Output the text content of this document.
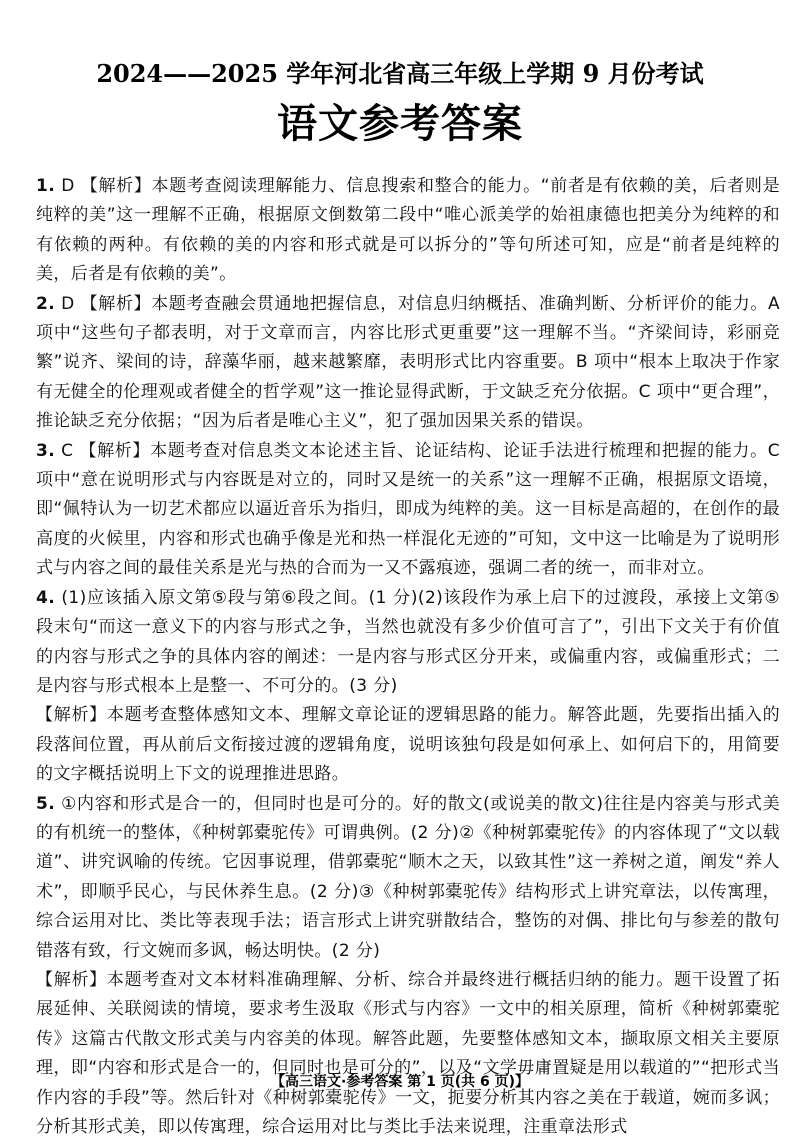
2024——2025 学年河北省高三年级上学期 9 月份考试
语文参考答案
1. D 【解析】本题考查阅读理解能力、信息搜索和整合的能力。“前者是有依赖的美，后者则是纯粹的美”这一理解不正确，根据原文倒数第二段中“唯心派美学的始祖康德也把美分为纯粹的和有依赖的两种。有依赖的美的内容和形式就是可以拆分的”等句所述可知，应是“前者是纯粹的美，后者是有依赖的美”。
2. D 【解析】本题考查融会贯通地把握信息，对信息归纳概括、准确判断、分析评价的能力。A 项中“这些句子都表明，对于文章而言，内容比形式更重要”这一理解不当。“齐梁间诗，彩丽竞繁”说齐、梁间的诗，辞藻华丽，越来越繁靡，表明形式比内容重要。B 项中“根本上取决于作家有无健全的伦理观或者健全的哲学观”这一推论显得武断，于文缺乏充分依据。C 项中“更合理”，推论缺乏充分依据；“因为后者是唯心主义”，犯了强加因果关系的错误。
3. C 【解析】本题考查对信息类文本论述主旨、论证结构、论证手法进行梳理和把握的能力。C 项中“意在说明形式与内容既是对立的，同时又是统一的关系”这一理解不正确，根据原文语境，即“佩特认为一切艺术都应以逼近音乐为指归，即成为纯粹的美。这一目标是高超的，在创作的最高度的火候里，内容和形式也确乎像是光和热一样混化无迹的”可知，文中这一比喻是为了说明形式与内容之间的最佳关系是光与热的合而为一又不露痕迹，强调二者的统一，而非对立。
4. (1)应该插入原文第⑤段与第⑥段之间。(1 分)(2)该段作为承上启下的过渡段，承接上文第⑤段末句“而这一意义下的内容与形式之争，当然也就没有多少价值可言了”，引出下文关于有价值的内容与形式之争的具体内容的阐述：一是内容与形式区分开来，或偏重内容，或偏重形式；二是内容与形式根本上是整一、不可分的。(3 分)
【解析】本题考查整体感知文本、理解文章论证的逻辑思路的能力。解答此题，先要指出插入的段落间位置，再从前后文衔接过渡的逻辑角度，说明该独句段是如何承上、如何启下的，用简要的文字概括说明上下文的说理推进思路。
5. ①内容和形式是合一的，但同时也是可分的。好的散文(或说美的散文)往往是内容美与形式美的有机统一的整体，《种树郭橐驼传》可谓典例。(2 分)②《种树郭橐驼传》的内容体现了“文以载道”、讲究讽喻的传统。它因事说理，借郭橐驼“顺木之天，以致其性”这一养树之道，阐发“养人术”，即顺乎民心，与民休养生息。(2 分)③《种树郭橐驼传》结构形式上讲究章法，以传寓理，综合运用对比、类比等表现手法；语言形式上讲究骈散结合，整饬的对偶、排比句与参差的散句错落有致，行文婉而多讽，畅达明快。(2 分)
【解析】本题考查对文本材料准确理解、分析、综合并最终进行概括归纳的能力。题干设置了拓展延伸、关联阅读的情境，要求考生汲取《形式与内容》一文中的相关原理，简析《种树郭橐驼传》这篇古代散文形式美与内容美的体现。解答此题，先要整体感知文本，撷取原文相关主要原理，即“内容和形式是合一的，但同时也是可分的”，以及“文学毋庸置疑是用以载道的”“把形式当作内容的手段”等。然后针对《种树郭橐驼传》一文，扼要分析其内容之美在于载道，婉而多讽；分析其形式美，即以传寓理，综合运用对比与类比手法来说理，注重章法形式
【高三语文·参考答案 第 1 页(共 6 页)】
